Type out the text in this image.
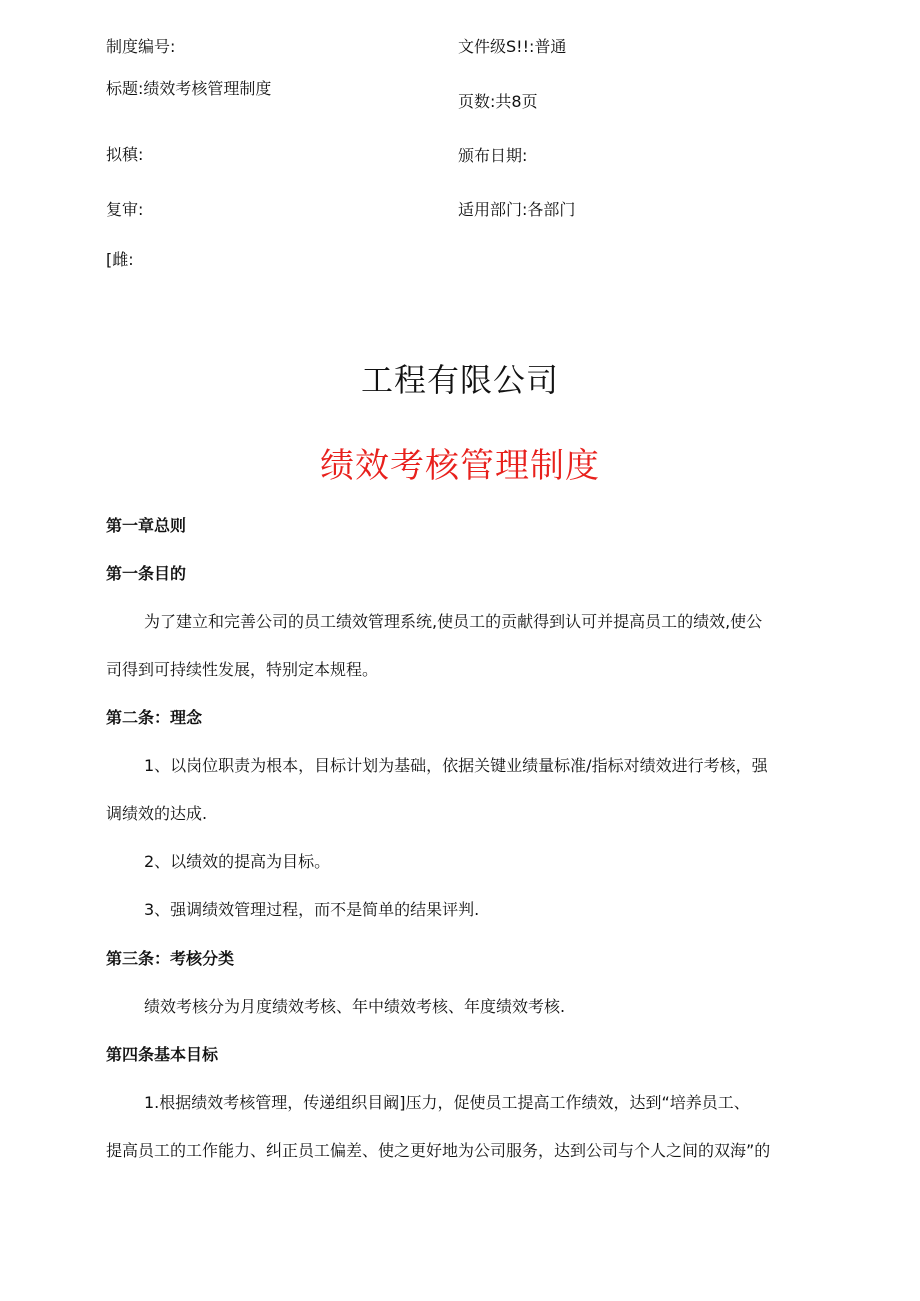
制度编号:	文件级S!!:普通
标题:绩效考核管理制度
页数:共8页
拟稹:	颁布日期:
复审:	适用部门:各部门
[雌:
工程有限公司
绩效考核管理制度
第一章总则
第一条目的
为了建立和完善公司的员工绩效管理系统,使员工的贡献得到认可并提高员工的绩效,使公
司得到可持续性发展，特别定本规程。
第二条：理念
1、以岗位职责为根本，目标计划为基础，依据关键业绩量标准/指标对绩效进行考核，强
调绩效的达成.
2、以绩效的提高为目标。
3、强调绩效管理过程，而不是简单的结果评判.
第三条：考核分类
绩效考核分为月度绩效考核、年中绩效考核、年度绩效考核.
第四条基本目标
1.根据绩效考核管理，传递组织目阚]压力，促使员工提高工作绩效，达到“培养员工、
提高员工的工作能力、纠正员工偏差、使之更好地为公司服务，达到公司与个人之间的双海”的
